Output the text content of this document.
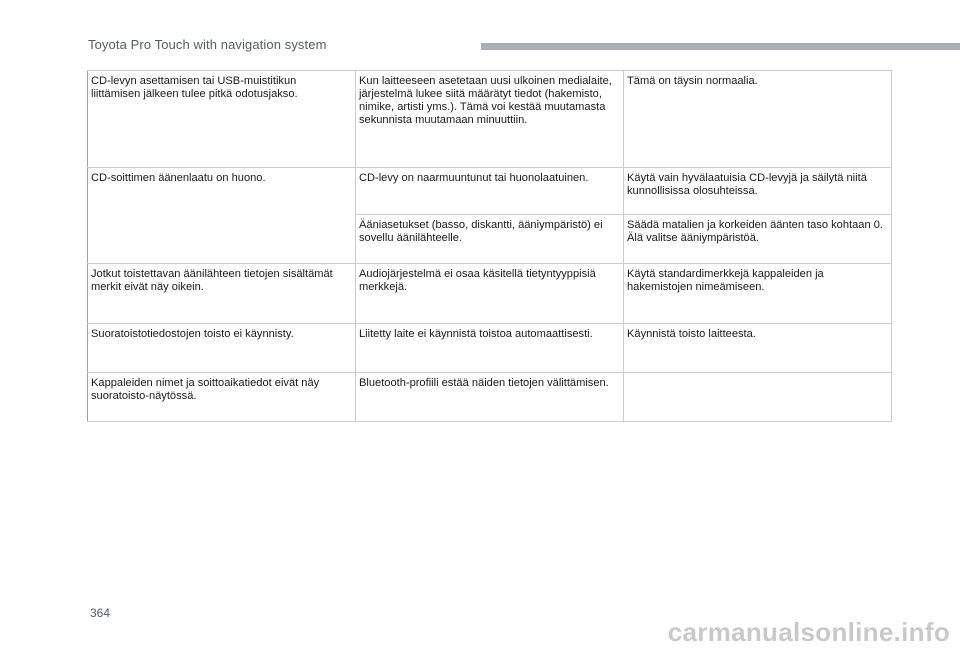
Toyota Pro Touch with navigation system
CD-levyn asettamisen tai USB-muistitikun liittämisen jälkeen tulee pitkä odotusjakso.	Kun laitteeseen asetetaan uusi ulkoinen medialaite, järjestelmä lukee siitä määrätyt tiedot (hakemisto, nimike, artisti yms.). Tämä voi kestää muutamasta sekunnista muutamaan minuuttiin.	Tämä on täysin normaalia.
CD-soittimen äänenlaatu on huono.	CD-levy on naarmuuntunut tai huonolaatuinen.	Käytä vain hyvälaatuisia CD-levyjä ja säilytä niitä kunnollisissa olosuhteissa.
	Ääniasetukset (basso, diskantti, ääniympäristö) ei sovellu äänilähteelle.	Säädä matalien ja korkeiden äänten taso kohtaan 0. Älä valitse ääniympäristöä.
Jotkut toistettavan äänilähteen tietojen sisältämät merkit eivät näy oikein.	Audiojärjestelmä ei osaa käsitellä tietyntyyppisiä merkkejä.	Käytä standardimerkkejä kappaleiden ja hakemistojen nimeämiseen.
Suoratoistotiedostojen toisto ei käynnisty.	Liitetty laite ei käynnistä toistoa automaattisesti.	Käynnistä toisto laitteesta.
Kappaleiden nimet ja soittoaikatiedot eivät näy suoratoisto-näytössä.	Bluetooth-profiili estää näiden tietojen välittämisen.	
364
carmanualsonline.info
